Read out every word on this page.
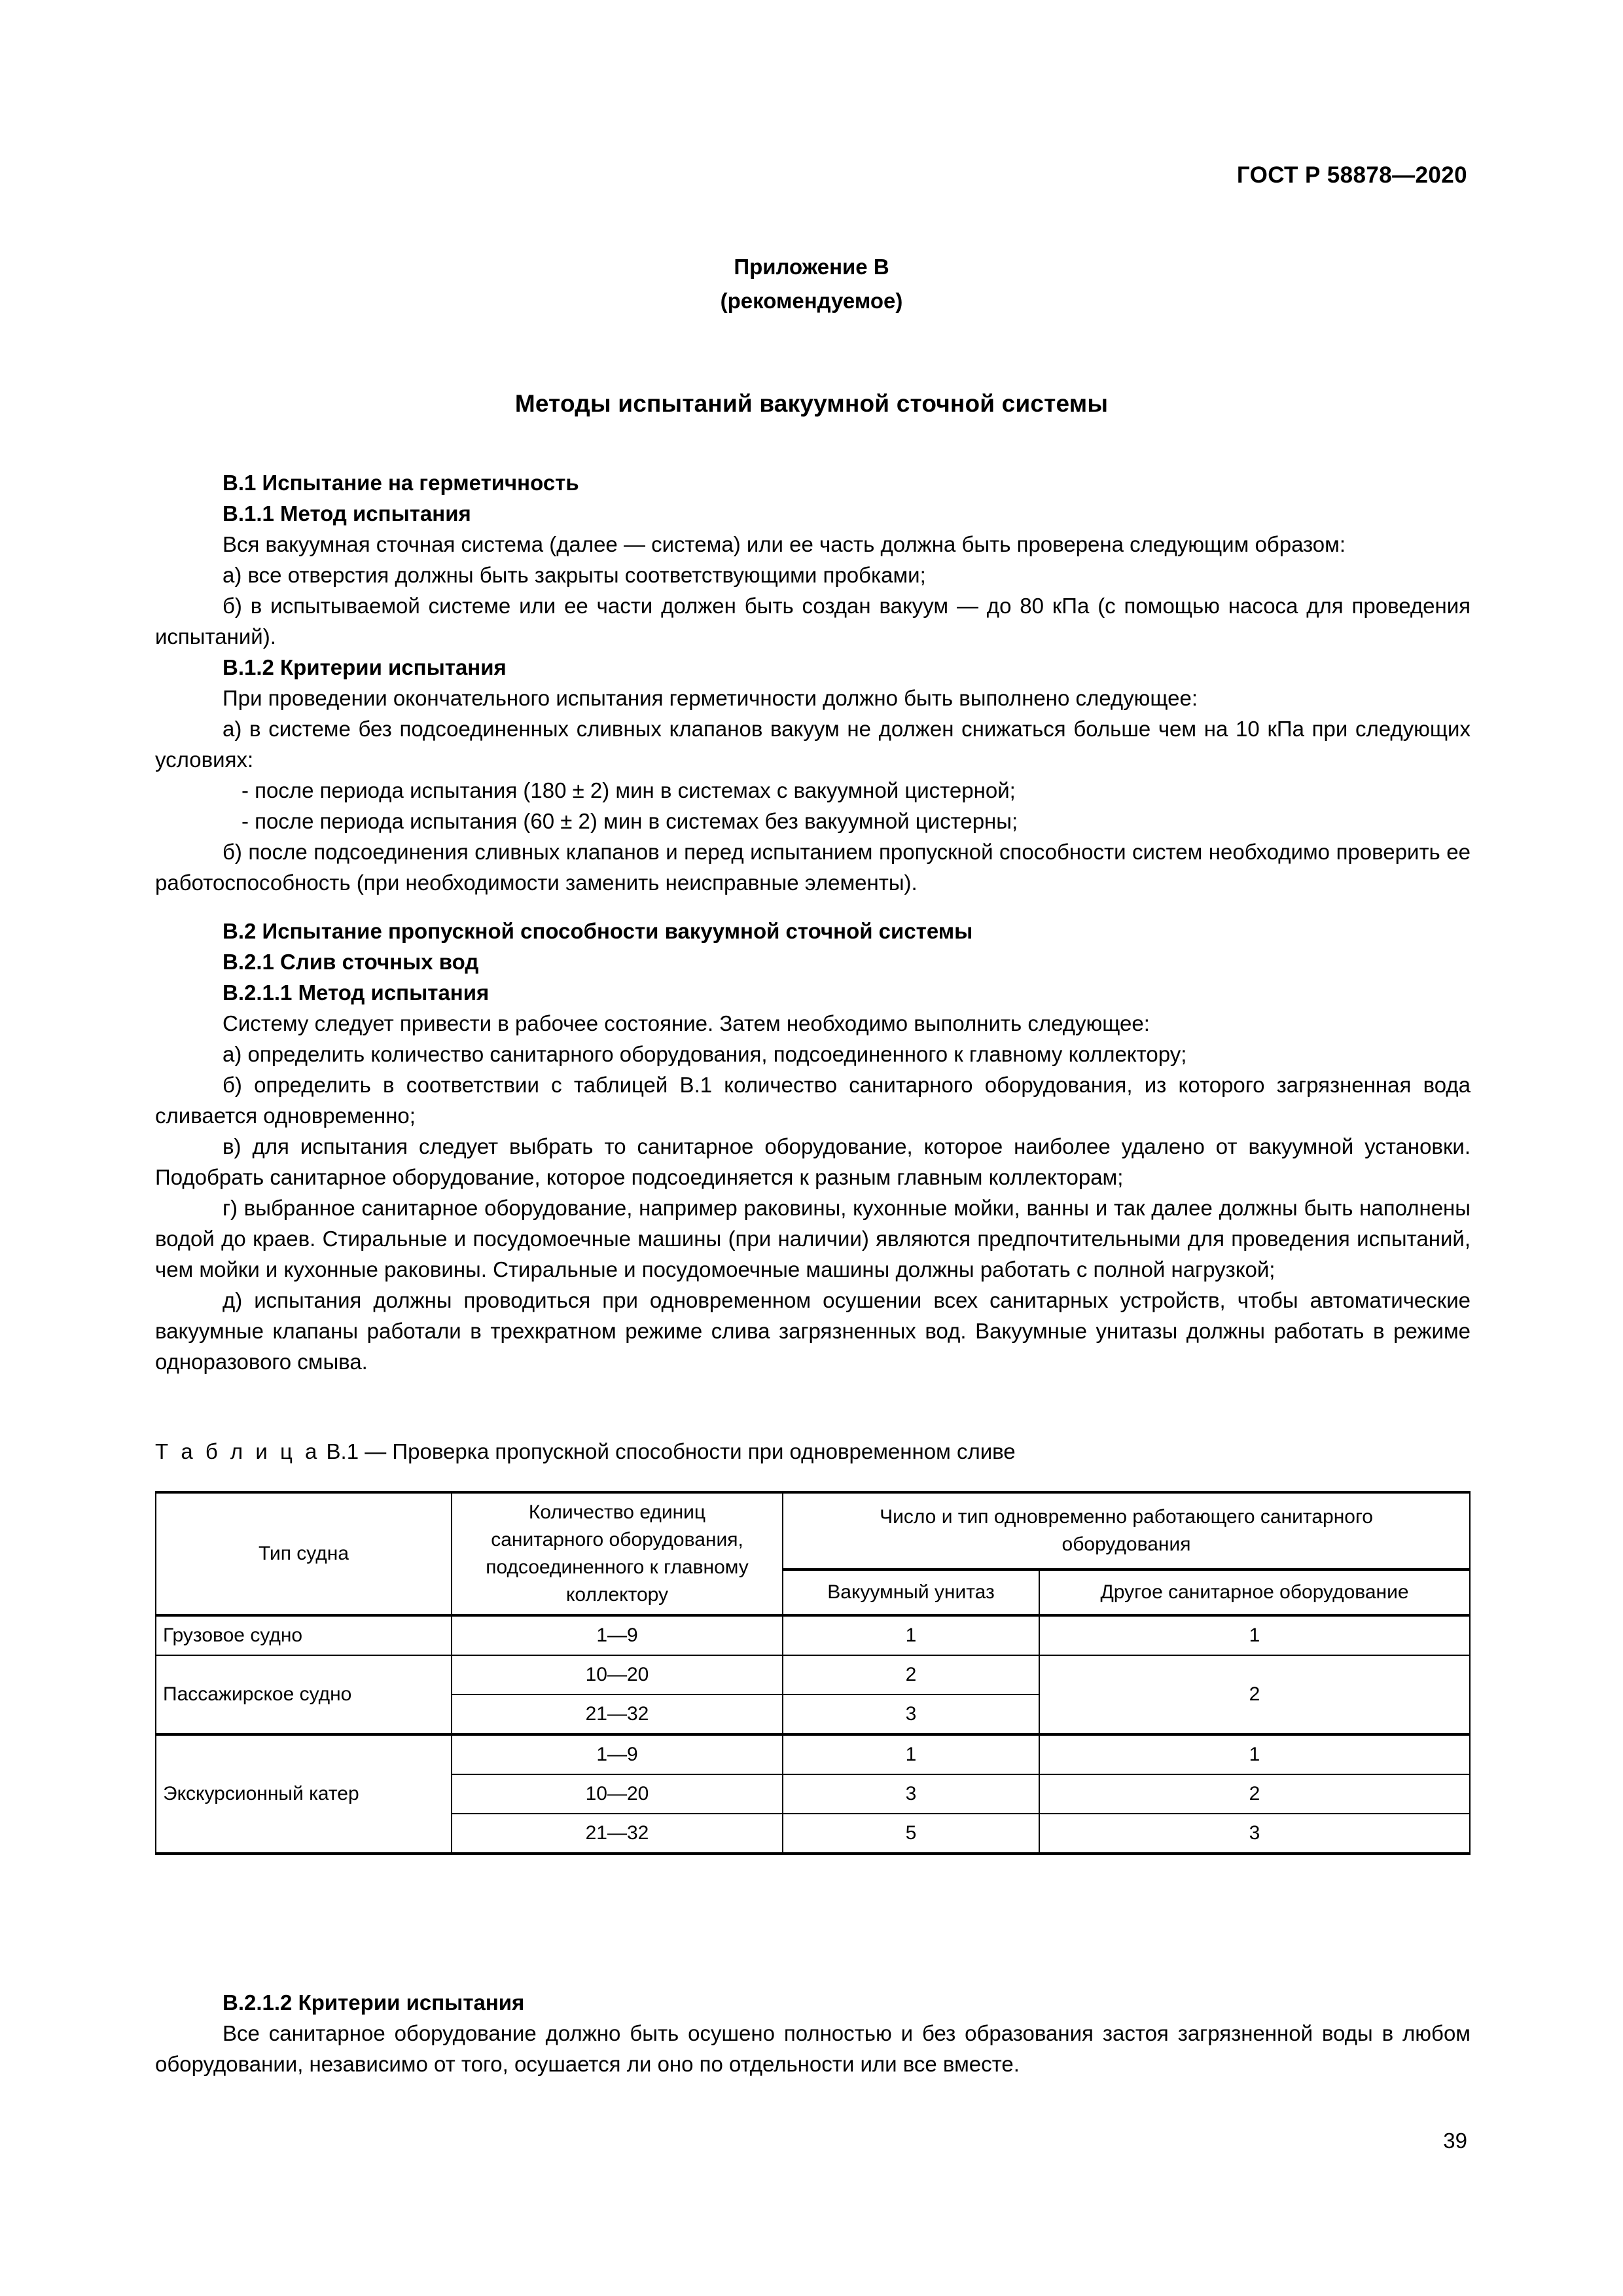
ГОСТ Р 58878—2020
Приложение В
(рекомендуемое)
Методы испытаний вакуумной сточной системы
В.1 Испытание на герметичность
В.1.1 Метод испытания

Вся вакуумная сточная система (далее — система) или ее часть должна быть проверена следующим образом:

а) все отверстия должны быть закрыты соответствующими пробками;

б) в испытываемой системе или ее части должен быть создан вакуум — до 80 кПа (с помощью насоса для проведения испытаний).

В.1.2 Критерии испытания

При проведении окончательного испытания герметичности должно быть выполнено следующее:

а) в системе без подсоединенных сливных клапанов вакуум не должен снижаться больше чем на 10 кПа при следующих условиях:

- после периода испытания (180 ± 2) мин в системах с вакуумной цистерной;

- после периода испытания (60 ± 2) мин в системах без вакуумной цистерны;

б) после подсоединения сливных клапанов и перед испытанием пропускной способности систем необходимо проверить ее работоспособность (при необходимости заменить неисправные элементы).

В.2 Испытание пропускной способности вакуумной сточной системы
В.2.1 Слив сточных вод
В.2.1.1 Метод испытания

Систему следует привести в рабочее состояние. Затем необходимо выполнить следующее:

а) определить количество санитарного оборудования, подсоединенного к главному коллектору;

б) определить в соответствии с таблицей В.1 количество санитарного оборудования, из которого загрязненная вода сливается одновременно;

в) для испытания следует выбрать то санитарное оборудование, которое наиболее удалено от вакуумной установки. Подобрать санитарное оборудование, которое подсоединяется к разным главным коллекторам;

г) выбранное санитарное оборудование, например раковины, кухонные мойки, ванны и так далее должны быть наполнены водой до краев. Стиральные и посудомоечные машины (при наличии) являются предпочтительными для проведения испытаний, чем мойки и кухонные раковины. Стиральные и посудомоечные машины должны работать с полной нагрузкой;

д) испытания должны проводиться при одновременном осушении всех санитарных устройств, чтобы автоматические вакуумные клапаны работали в трехкратном режиме слива загрязненных вод. Вакуумные унитазы должны работать в режиме одноразового смыва.

Т а б л и ц а В.1 — Проверка пропускной способности при одновременном сливе
Тип судна	Количество единиц
санитарного оборудования,
подсоединенного к главному
коллектору	Число и тип одновременно работающего санитарного
оборудования	
		Вакуумный унитаз	Другое санитарное оборудование
Грузовое судно	1—9	1	1
Пассажирское судно			
	10—20	2	2
	21—32	3	
Экскурсионный катер	1—9	1	1
	10—20	3	2
	21—32	5	3
В.2.1.2 Критерии испытания

Все санитарное оборудование должно быть осушено полностью и без образования застоя загрязненной воды в любом оборудовании, независимо от того, осушается ли оно по отдельности или все вместе.

39
